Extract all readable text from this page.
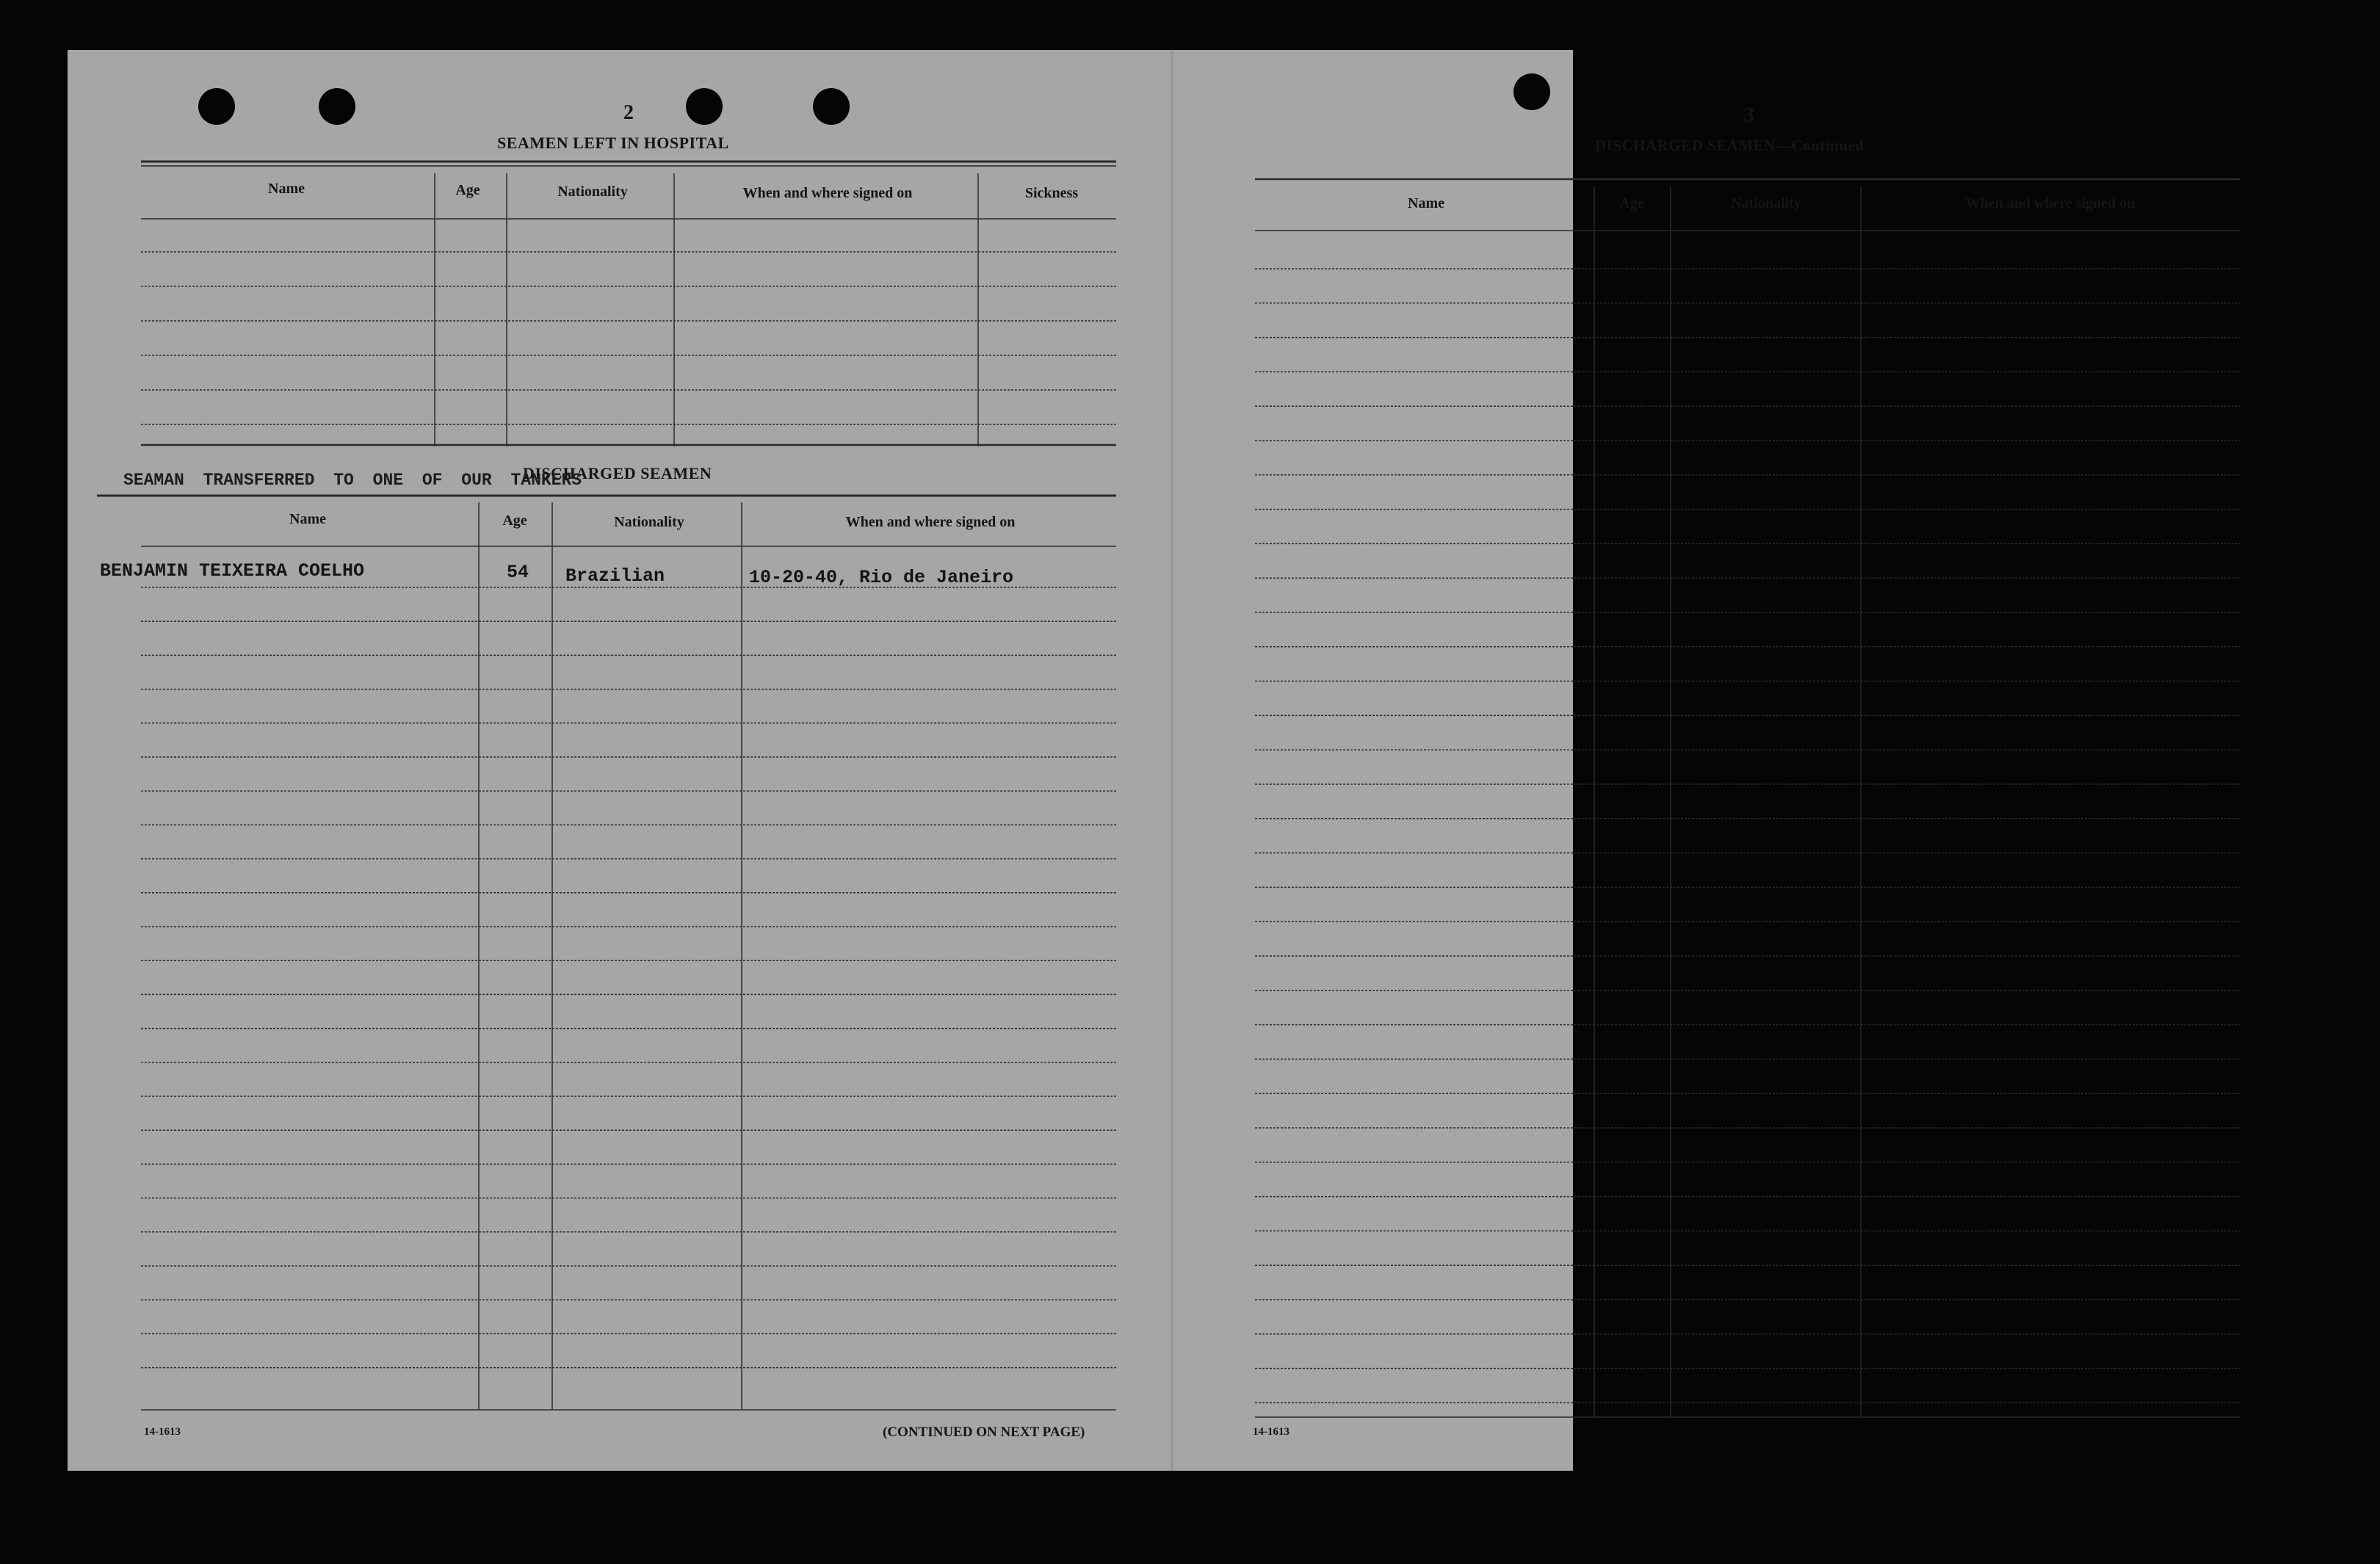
2
SEAMEN LEFT IN HOSPITAL
Name	Age	Nationality	When and where signed on	Sickness
DISCHARGED SEAMEN
SEAMAN TRANSFERRED TO ONE OF OUR TANKERS
Name	Age	Nationality	When and where signed on
BENJAMIN TEIXEIRA COELHO	54 Brazilian	10-20-40, Rio de Janeiro
14-1613	(CONTINUED ON NEXT PAGE)
3
DISCHARGED SEAMEN—Continued
Name	Age	Nationality	When and where signed on
14-1613
